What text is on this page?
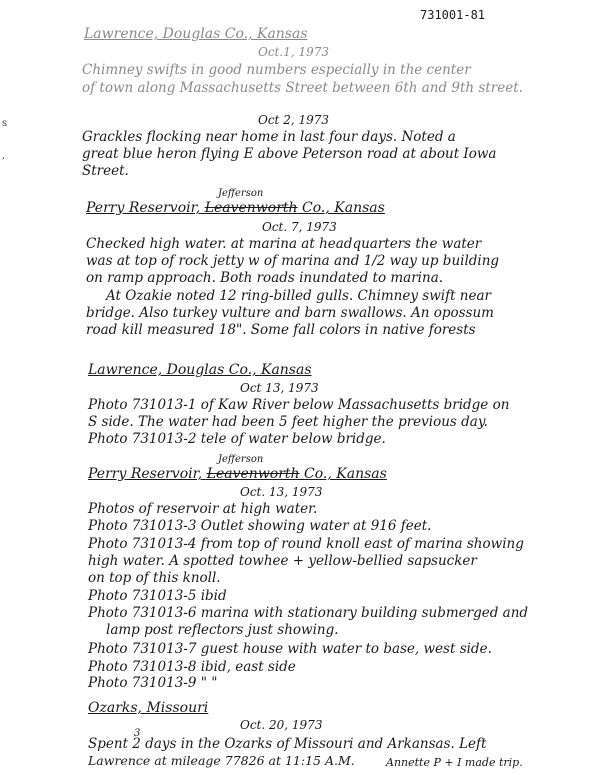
731001-81
s
,
Lawrence, Douglas Co., Kansas
Oct.1, 1973
Chimney swifts in good numbers especially in the center
of town along Massachusetts Street between 6th and 9th street.
Oct 2, 1973
Grackles flocking near home in last four days. Noted a
great blue heron flying E above Peterson road at about Iowa
Street.
Jefferson
Perry Reservoir, Leavenworth Co., Kansas
Oct. 7, 1973
Checked high water. at marina at headquarters the water
was at top of rock jetty w of marina and 1/2 way up building
on ramp approach. Both roads inundated to marina.
At Ozakie noted 12 ring-billed gulls. Chimney swift near
bridge. Also turkey vulture and barn swallows. An opossum
road kill measured 18". Some fall colors in native forests
Lawrence, Douglas Co., Kansas
Oct 13, 1973
Photo 731013-1 of Kaw River below Massachusetts bridge on
S side. The water had been 5 feet higher the previous day.
Photo 731013-2 tele of water below bridge.
Jefferson
Perry Reservoir, Leavenworth Co., Kansas
Oct. 13, 1973
Photos of reservoir at high water.
Photo 731013-3 Outlet showing water at 916 feet.
Photo 731013-4 from top of round knoll east of marina showing
high water. A spotted towhee + yellow-bellied sapsucker
on top of this knoll.
Photo 731013-5 ibid
Photo 731013-6 marina with stationary building submerged and
lamp post reflectors just showing.
Photo 731013-7 guest house with water to base, west side.
Photo 731013-8 ibid, east side
Photo 731013-9 " "
Ozarks, Missouri
Oct. 20, 1973
3
Spent 2 days in the Ozarks of Missouri and Arkansas. Left
Lawrence at mileage 77826 at 11:15 A.M.	Annette P + I made trip.
